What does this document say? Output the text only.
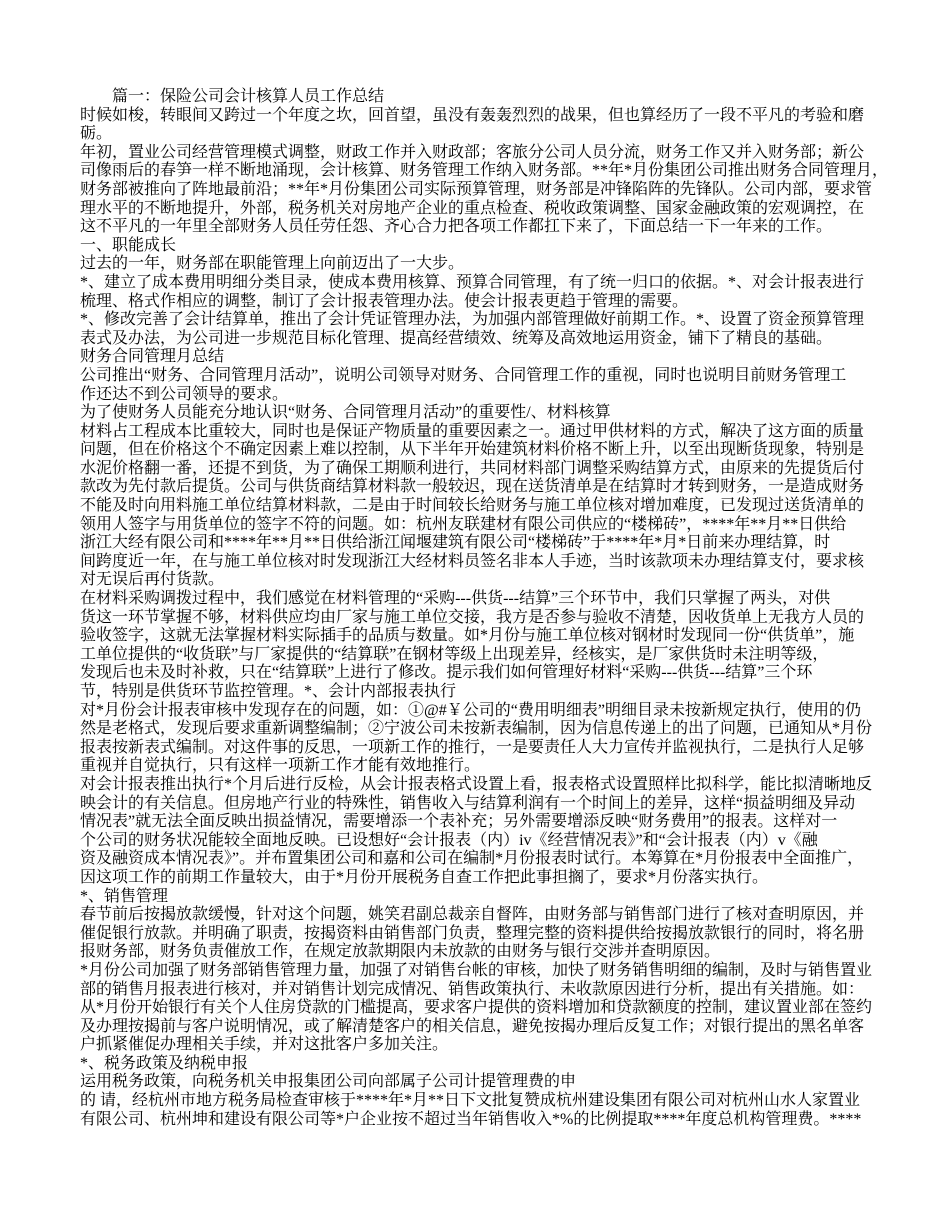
　　篇一：保险公司会计核算人员工作总结
时候如梭，转眼间又跨过一个年度之坎，回首望，虽没有轰轰烈烈的战果，但也算经历了一段不平凡的考验和磨
砺。
年初，置业公司经营管理模式调整，财政工作并入财政部；客旅分公司人员分流，财务工作又并入财务部；新公
司像雨后的春笋一样不断地涌现，会计核算、财务管理工作纳入财务部。**年*月份集团公司推出财务合同管理月，
财务部被推向了阵地最前沿；**年*月份集团公司实际预算管理，财务部是冲锋陷阵的先锋队。公司内部，要求管
理水平的不断地提升，外部，税务机关对房地产企业的重点检查、税收政策调整、国家金融政策的宏观调控，在
这不平凡的一年里全部财务人员任劳任怨、齐心合力把各项工作都扛下来了，下面总结一下一年来的工作。
一、职能成长
过去的一年，财务部在职能管理上向前迈出了一大步。
*、建立了成本费用明细分类目录，使成本费用核算、预算合同管理，有了统一归口的依据。*、对会计报表进行
梳理、格式作相应的调整，制订了会计报表管理办法。使会计报表更趋于管理的需要。
*、修改完善了会计结算单，推出了会计凭证管理办法，为加强内部管理做好前期工作。*、设置了资金预算管理
表式及办法，为公司进一步规范目标化管理、提高经营绩效、统筹及高效地运用资金，铺下了精良的基础。
财务合同管理月总结
公司推出“财务、合同管理月活动”，说明公司领导对财务、合同管理工作的重视，同时也说明目前财务管理工
作还达不到公司领导的要求。
为了使财务人员能充分地认识“财务、合同管理月活动”的重要性/、材料核算
材料占工程成本比重较大，同时也是保证产物质量的重要因素之一。通过甲供材料的方式，解决了这方面的质量
问题，但在价格这个不确定因素上难以控制，从下半年开始建筑材料价格不断上升，以至出现断货现象，特别是
水泥价格翻一番，还提不到货，为了确保工期顺利进行，共同材料部门调整采购结算方式，由原来的先提货后付
款改为先付款后提货。公司与供货商结算材料款一般较迟，现在送货清单是在结算时才转到财务，一是造成财务
不能及时向用料施工单位结算材料款，二是由于时间较长给财务与施工单位核对增加难度，已发现过送货清单的
领用人签字与用货单位的签字不符的问题。如：杭州友联建材有限公司供应的“楼梯砖”，****年**月**日供给
浙江大经有限公司和****年**月**日供给浙江闻堰建筑有限公司“楼梯砖”于****年*月*日前来办理结算，时
间跨度近一年，在与施工单位核对时发现浙江大经材料员签名非本人手迹，当时该款项未办理结算支付，要求核
对无误后再付货款。
在材料采购调拨过程中，我们感觉在材料管理的“采购---供货---结算”三个环节中，我们只掌握了两头，对供
货这一环节掌握不够，材料供应均由厂家与施工单位交接，我方是否参与验收不清楚，因收货单上无我方人员的
验收签字，这就无法掌握材料实际插手的品质与数量。如*月份与施工单位核对钢材时发现同一份“供货单”，施
工单位提供的“收货联”与厂家提供的“结算联”在钢材等级上出现差异，经核实，是厂家供货时未注明等级，
发现后也未及时补救，只在“结算联”上进行了修改。提示我们如何管理好材料“采购---供货---结算”三个环
节，特别是供货环节监控管理。*、会计内部报表执行
对*月份会计报表审核中发现存在的问题，如：①@#￥公司的“费用明细表”明细目录未按新规定执行，使用的仍
然是老格式，发现后要求重新调整编制；②宁波公司未按新表编制，因为信息传递上的出了问题，已通知从*月份
报表按新表式编制。对这件事的反思，一项新工作的推行，一是要责任人大力宣传并监视执行，二是执行人足够
重视并自觉执行，只有这样一项新工作才能有效地推行。
对会计报表推出执行*个月后进行反检，从会计报表格式设置上看，报表格式设置照样比拟科学，能比拟清晰地反
映会计的有关信息。但房地产行业的特殊性，销售收入与结算利润有一个时间上的差异，这样“损益明细及异动
情况表”就无法全面反映出损益情况，需要增添一个表补充；另外需要增添反映“财务费用”的报表。这样对一
个公司的财务状况能较全面地反映。已设想好“会计报表（内）iv《经营情况表》”和“会计报表（内）v《融
资及融资成本情况表》”。并布置集团公司和嘉和公司在编制*月份报表时试行。本筹算在*月份报表中全面推广，
因这项工作的前期工作量较大，由于*月份开展税务自查工作把此事担搁了，要求*月份落实执行。
*、销售管理
春节前后按揭放款缓慢，针对这个问题，姚笑君副总裁亲自督阵，由财务部与销售部门进行了核对查明原因，并
催促银行放款。并明确了职责，按揭资料由销售部门负责，整理完整的资料提供给按揭放款银行的同时，将名册
报财务部，财务负责催放工作，在规定放款期限内未放款的由财务与银行交涉并查明原因。
*月份公司加强了财务部销售管理力量，加强了对销售台帐的审核，加快了财务销售明细的编制，及时与销售置业
部的销售月报表进行核对，并对销售计划完成情况、销售政策执行、未收款原因进行分析，提出有关措施。如：
从*月份开始银行有关个人住房贷款的门槛提高，要求客户提供的资料增加和贷款额度的控制，建议置业部在签约
及办理按揭前与客户说明情况，或了解清楚客户的相关信息，避免按揭办理后反复工作；对银行提出的黑名单客
户抓紧催促办理相关手续，并对这批客户多加关注。
*、税务政策及纳税申报
运用税务政策，向税务机关申报集团公司向部属子公司计提管理费的申
的 请，经杭州市地方税务局检查审核于****年*月**日下文批复赞成杭州建设集团有限公司对杭州山水人家置业
有限公司、杭州坤和建设有限公司等*户企业按不超过当年销售收入*%的比例提取****年度总机构管理费。****
